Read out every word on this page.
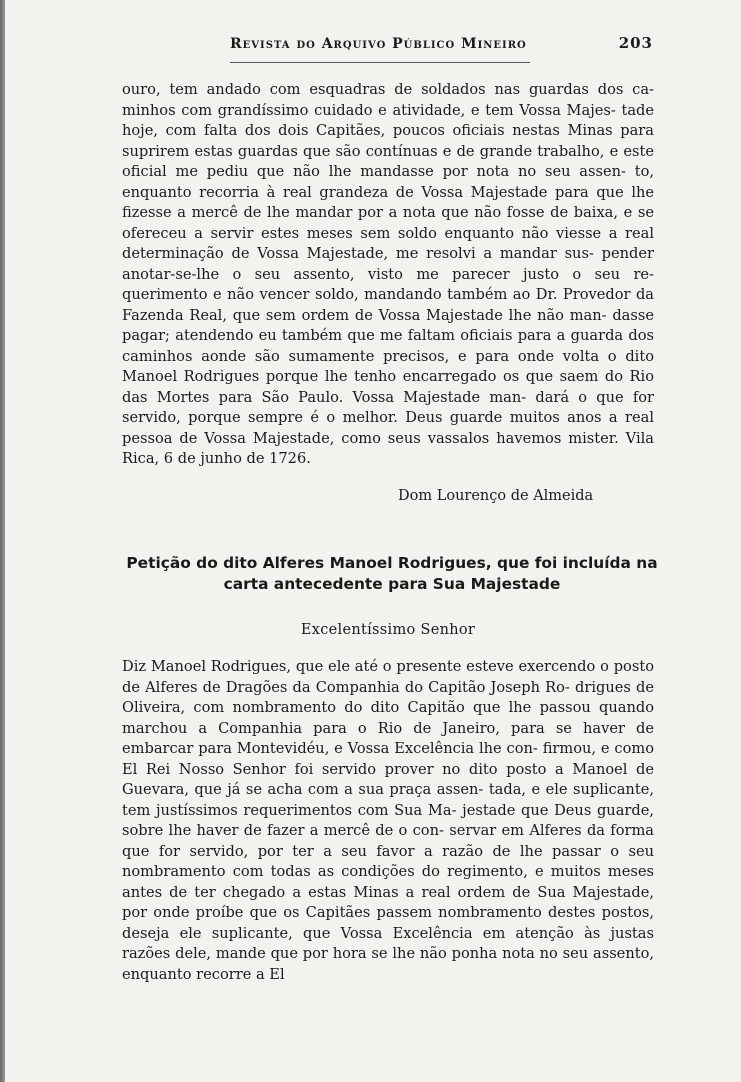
Revista do Arquivo Público Mineiro	203

ouro, tem andado com esquadras de soldados nas guardas dos ca- minhos com grandíssimo cuidado e atividade, e tem Vossa Majes- tade hoje, com falta dos dois Capitães, poucos oficiais nestas Minas para suprirem estas guardas que são contínuas e de grande trabalho, e este oficial me pediu que não lhe mandasse por nota no seu assen- to, enquanto recorria à real grandeza de Vossa Majestade para que lhe fizesse a mercê de lhe mandar por a nota que não fosse de baixa, e se ofereceu a servir estes meses sem soldo enquanto não viesse a real determinação de Vossa Majestade, me resolvi a mandar sus- pender anotar-se-lhe o seu assento, visto me parecer justo o seu re- querimento e não vencer soldo, mandando também ao Dr. Provedor da Fazenda Real, que sem ordem de Vossa Majestade lhe não man- dasse pagar; atendendo eu também que me faltam oficiais para a guarda dos caminhos aonde são sumamente precisos, e para onde volta o dito Manoel Rodrigues porque lhe tenho encarregado os que saem do Rio das Mortes para São Paulo. Vossa Majestade man- dará o que for servido, porque sempre é o melhor. Deus guarde muitos anos a real pessoa de Vossa Majestade, como seus vassalos havemos mister. Vila Rica, 6 de junho de 1726.

Dom Lourenço de Almeida
Petição do dito Alferes Manoel Rodrigues, que foi incluída na
carta antecedente para Sua Majestade
Excelentíssimo Senhor

Diz Manoel Rodrigues, que ele até o presente esteve exercendo o posto de Alferes de Dragões da Companhia do Capitão Joseph Ro- drigues de Oliveira, com nombramento do dito Capitão que lhe passou quando marchou a Companhia para o Rio de Janeiro, para se haver de embarcar para Montevidéu, e Vossa Excelência lhe con- firmou, e como El Rei Nosso Senhor foi servido prover no dito posto a Manoel de Guevara, que já se acha com a sua praça assen- tada, e ele suplicante, tem justíssimos requerimentos com Sua Ma- jestade que Deus guarde, sobre lhe haver de fazer a mercê de o con- servar em Alferes da forma que for servido, por ter a seu favor a razão de lhe passar o seu nombramento com todas as condições do regimento, e muitos meses antes de ter chegado a estas Minas a real ordem de Sua Majestade, por onde proíbe que os Capitães passem nombramento destes postos, deseja ele suplicante, que Vossa Excelência em atenção às justas razões dele, mande que por hora se lhe não ponha nota no seu assento, enquanto recorre a El
